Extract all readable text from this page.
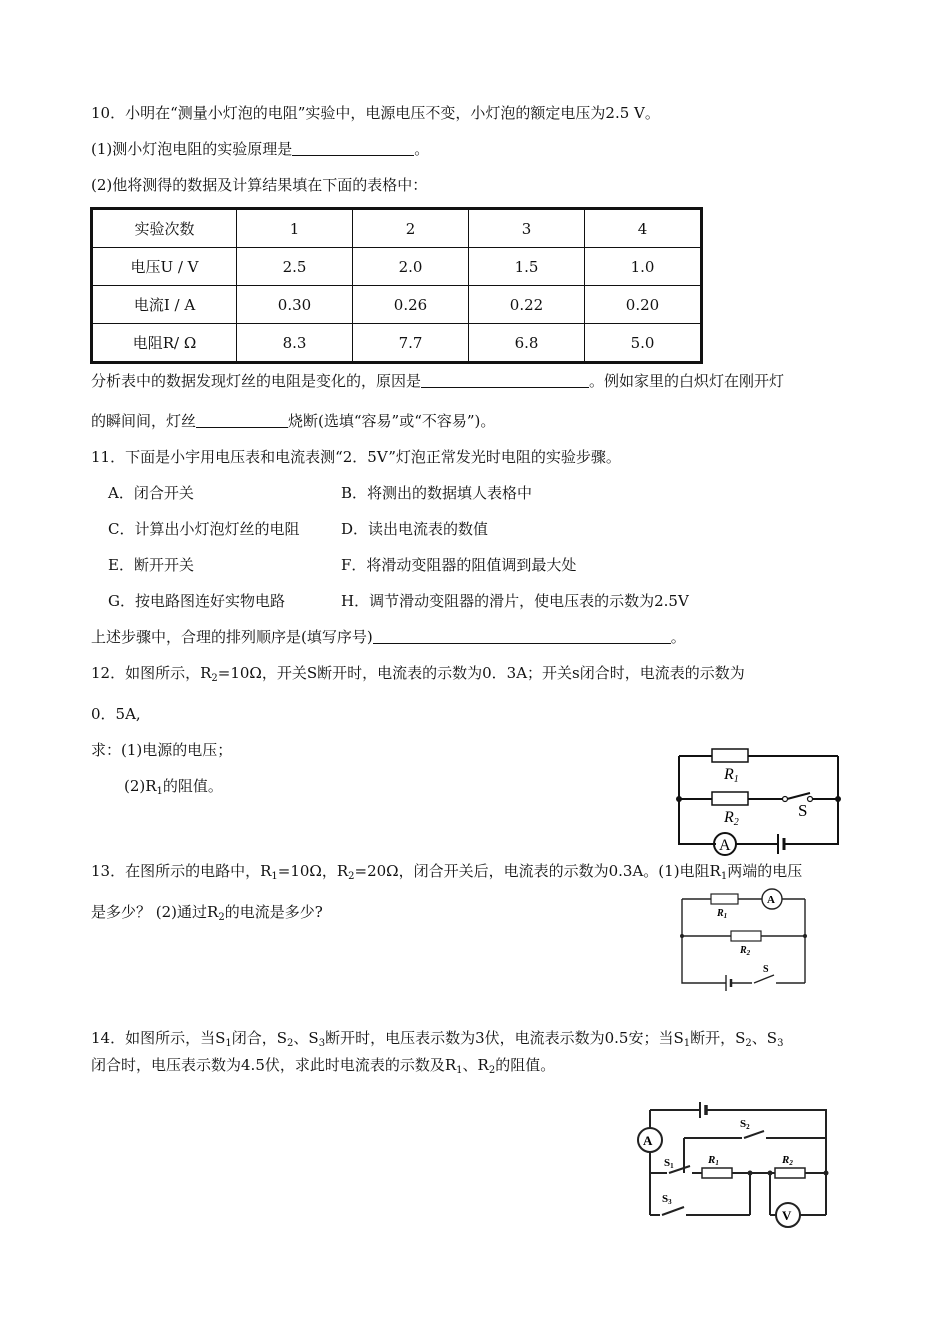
10．小明在“测量小灯泡的电阻”实验中，电源电压不变，小灯泡的额定电压为2.5 V。
(1)测小灯泡电阻的实验原理是	。
(2)他将测得的数据及计算结果填在下面的表格中：
实验次数	1	2	3	4
电压U / V	2.5	2.0	1.5	1.0
电流I / A	0.30	0.26	0.22	0.20
电阻R/ Ω	8.3	7.7	6.8	5.0
分析表中的数据发现灯丝的电阻是变化的，原因是	。例如家里的白炽灯在刚开灯
的瞬间间，灯丝	烧断(选填“容易”或“不容易”)。
11．下面是小宇用电压表和电流表测“2．5V”灯泡正常发光时电阻的实验步骤。
A．闭合开关	B．将测出的数据填人表格中
C．计算出小灯泡灯丝的电阻	D．读出电流表的数值
E．断开开关	F．将滑动变阻器的阻值调到最大处
G．按电路图连好实物电路	H．调节滑动变阻器的滑片，使电压表的示数为2.5V
上述步骤中，合理的排列顺序是(填写序号)	。
12．如图所示，$R_2=10\Omega$，开关S断开时，电流表的示数为0．3A；开关s闭合时，电流表的示数为
0．5A,
求：(1)电源的电压；
$(2)R_1$的阻值。
R1
R2
S
A
13．在图所示的电路中，$R_1=10\Omega$，$R_2=20\Omega$，闭合开关后，电流表的示数为0.3A。(1)电阻$R_1$两端的电压
是多少？ (2)通过$R_2$的电流是多少?	$R_1$
$R_2$
S
A
14．如图所示，当$S_1$闭合，$S_2$、$S_3$断开时，电压表示数为3伏，电流表示数为0.5安；当$S_1$断开，$S_2$、$S_3$
闭合时，电压表示数为4.5伏，求此时电流表的示数及$R_1$、$R_2$的阻值。
A
V
S1
S2
S3
R1	R2
